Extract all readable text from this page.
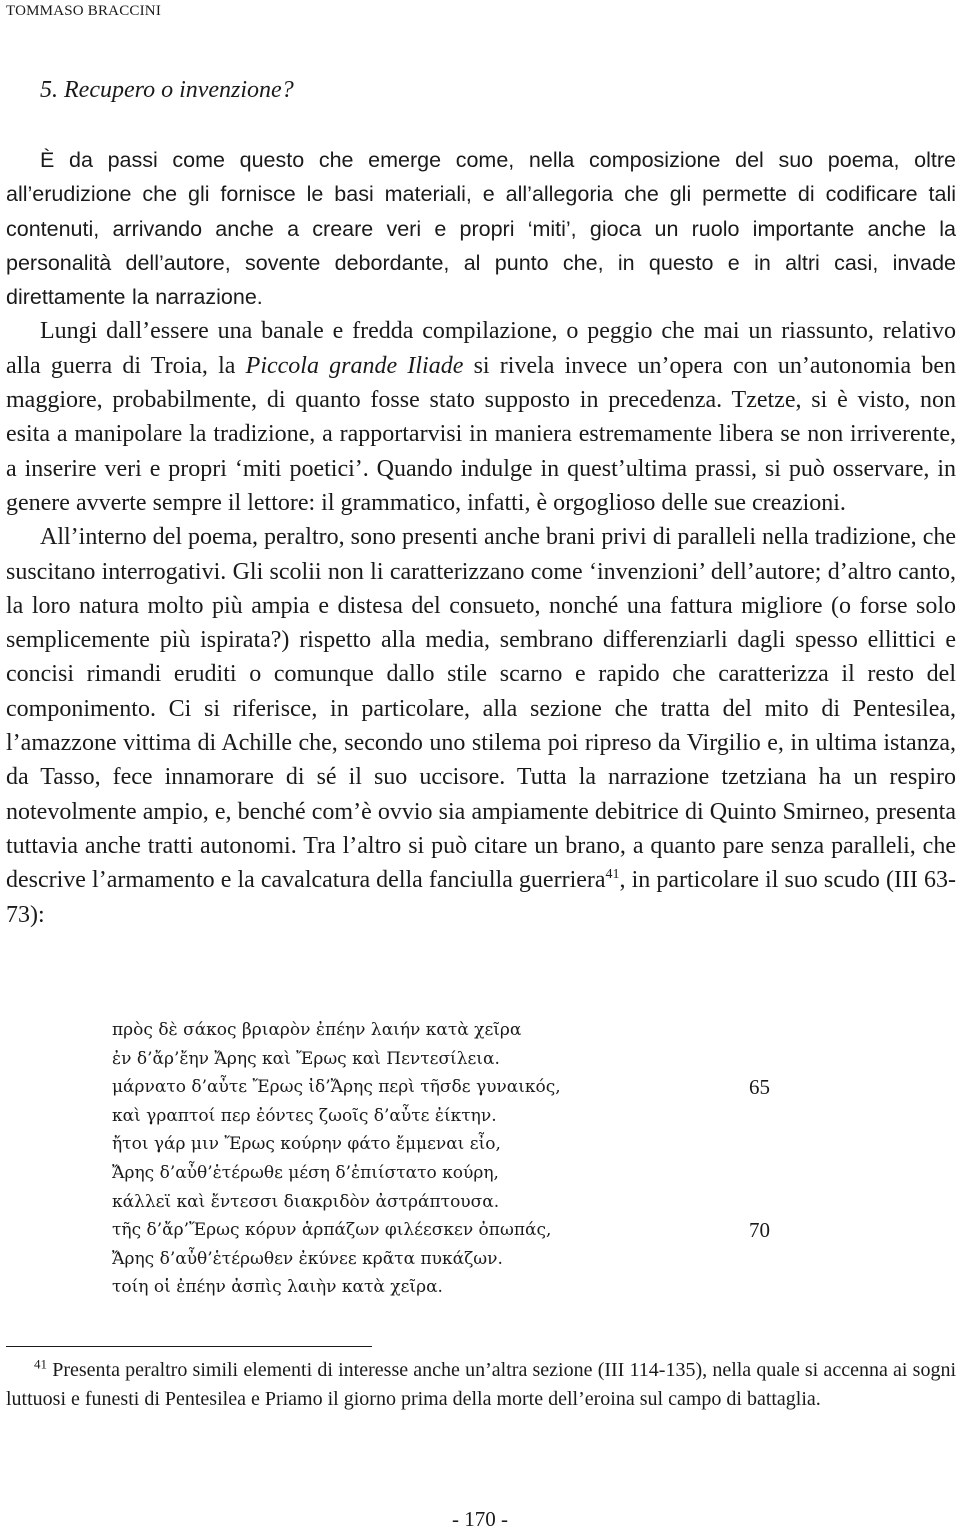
TOMMASO BRACCINI
5. Recupero o invenzione?

È da passi come questo che emerge come, nella composizione del suo poema, oltre all’erudizione che gli fornisce le basi materiali, e all’allegoria che gli permette di codificare tali contenuti, arrivando anche a creare veri e propri ‘miti’, gioca un ruolo importante anche la personalità dell’autore, sovente debordante, al punto che, in questo e in altri casi, invade direttamente la narrazione.

Lungi dall’essere una banale e fredda compilazione, o peggio che mai un riassunto, relativo alla guerra di Troia, la Piccola grande Iliade si rivela invece un’opera con un’autonomia ben maggiore, probabilmente, di quanto fosse stato supposto in precedenza. Tzetze, si è visto, non esita a manipolare la tradizione, a rapportarvisi in maniera estremamente libera se non irriverente, a inserire veri e propri ‘miti poetici’. Quando indulge in quest’ultima prassi, si può osservare, in genere avverte sempre il lettore: il grammatico, infatti, è orgoglioso delle sue creazioni.

All’interno del poema, peraltro, sono presenti anche brani privi di paralleli nella tradizione, che suscitano interrogativi. Gli scolii non li caratterizzano come ‘invenzioni’ dell’autore; d’altro canto, la loro natura molto più ampia e distesa del consueto, nonché una fattura migliore (o forse solo semplicemente più ispirata?) rispetto alla media, sembrano differenziarli dagli spesso ellittici e concisi rimandi eruditi o comunque dallo stile scarno e rapido che caratterizza il resto del componimento. Ci si riferisce, in particolare, alla sezione che tratta del mito di Pentesilea, l’amazzone vittima di Achille che, secondo uno stilema poi ripreso da Virgilio e, in ultima istanza, da Tasso, fece innamorare di sé il suo uccisore. Tutta la narrazione tzetziana ha un respiro notevolmente ampio, e, benché com’è ovvio sia ampiamente debitrice di Quinto Smirneo, presenta tuttavia anche tratti autonomi. Tra l’altro si può citare un brano, a quanto pare senza paralleli, che descrive l’armamento e la cavalcatura della fanciulla guerriera$^{41}$, in particolare il suo scudo (III 63-73):

πρὸς δὲ σάκος βριαρὸν ἐπέην λαιήν κατὰ χεῖρα
ἐν δ’ἄρ’ἔην Ἄρης καὶ Ἔρως καὶ Πεντεσίλεια.
μάρνατο δ’αὖτε Ἔρως ἰδ’Ἄρης περὶ τῆσδε γυναικός,	65
καὶ γραπτοί περ ἐόντες ζωοῖς δ’αὖτε ἐίκτην.
ἤτοι γάρ μιν Ἔρως κούρην φάτο ἔμμεναι εἶο,
Ἄρης δ’αὖθ’ἑτέρωθε μέση δ’ἐπιίστατο κούρη,
κάλλεϊ καὶ ἔντεσσι διακριδὸν ἀστράπτουσα.
τῆς δ’ἄρ’Ἔρως κόρυν ἁρπάζων φιλέεσκεν ὀπωπάς,	70
Ἄρης δ’αὖθ’ἑτέρωθεν ἐκύνεε κρᾶτα πυκάζων.
τοίη οἱ ἐπέην ἀσπὶς λαιὴν κατὰ χεῖρα.

$^{41}$ Presenta peraltro simili elementi di interesse anche un’altra sezione (III 114-135), nella quale si accenna ai sogni luttuosi e funesti di Pentesilea e Priamo il giorno prima della morte dell’eroina sul campo di battaglia.

- 170 -
